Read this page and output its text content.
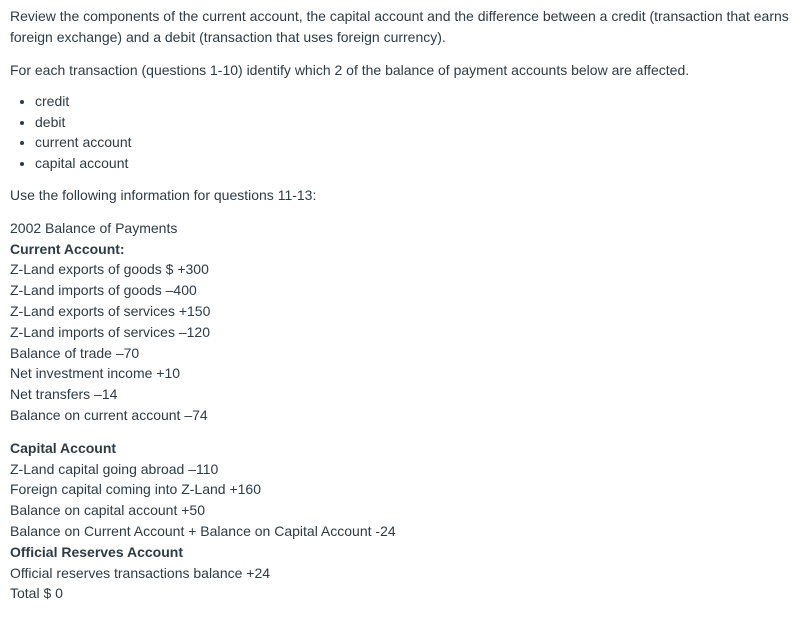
Review the components of the current account, the capital account and the difference between a credit (transaction that earns foreign exchange) and a debit (transaction that uses foreign currency).

For each transaction (questions 1-10) identify which 2 of the balance of payment accounts below are affected.

• credit
• debit
• current account
• capital account

Use the following information for questions 11-13:

2002 Balance of Payments
Current Account:
Z-Land exports of goods $ +300
Z-Land imports of goods –400
Z-Land exports of services +150
Z-Land imports of services –120
Balance of trade –70
Net investment income +10
Net transfers –14
Balance on current account –74
Capital Account
Z-Land capital going abroad –110
Foreign capital coming into Z-Land +160
Balance on capital account +50
Balance on Current Account + Balance on Capital Account -24
Official Reserves Account
Official reserves transactions balance +24
Total $ 0
